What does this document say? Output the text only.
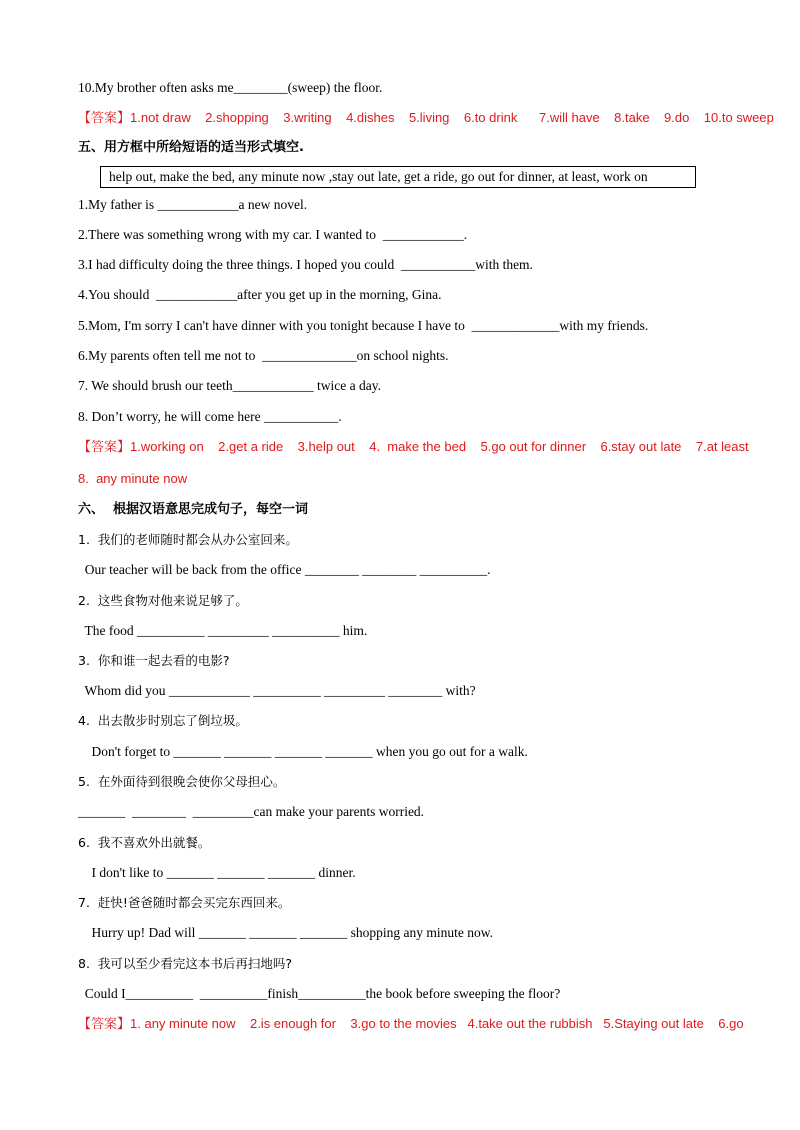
10.My brother often asks me________(sweep) the floor.
【答案】1.not draw    2.shopping    3.writing    4.dishes    5.living    6.to drink      7.will have    8.take    9.do    10.to sweep
五、用方框中所给短语的适当形式填空.
help out, make the bed, any minute now ,stay out late, get a ride, go out for dinner, at least, work on
1.My father is ____________a new novel.
2.There was something wrong with my car. I wanted to  ____________.
3.I had difficulty doing the three things. I hoped you could  ___________with them.
4.You should  ____________after you get up in the morning, Gina.
5.Mom, I'm sorry I can't have dinner with you tonight because I have to  _____________with my friends.
6.My parents often tell me not to  ______________on school nights.
7. We should brush our teeth____________ twice a day.
8. Don’t worry, he will come here ___________.
【答案】1.working on    2.get a ride    3.help out    4.  make the bed    5.go out for dinner    6.stay out late    7.at least
8.  any minute now
六、  根据汉语意思完成句子，每空一词
1.  我们的老师随时都会从办公室回来。
Our teacher will be back from the office ________ ________ __________.
2.  这些食物对他来说足够了。
The food __________ _________ __________ him.
3.  你和谁一起去看的电影?
Whom did you ____________ __________ _________ ________ with?
4.  出去散步时别忘了倒垃圾。
Don't forget to _______ _______ _______ _______ when you go out for a walk.
5.  在外面待到很晚会使你父母担心。
_______  ________  _________can make your parents worried.
6.  我不喜欢外出就餐。
I don't like to _______ _______ _______ dinner.
7.  赶快!爸爸随时都会买完东西回来。
Hurry up! Dad will _______ _______ _______ shopping any minute now.
8.  我可以至少看完这本书后再扫地吗?
Could I__________  __________finish__________the book before sweeping the floor?
【答案】1. any minute now    2.is enough for    3.go to the movies   4.take out the rubbish   5.Staying out late    6.go
